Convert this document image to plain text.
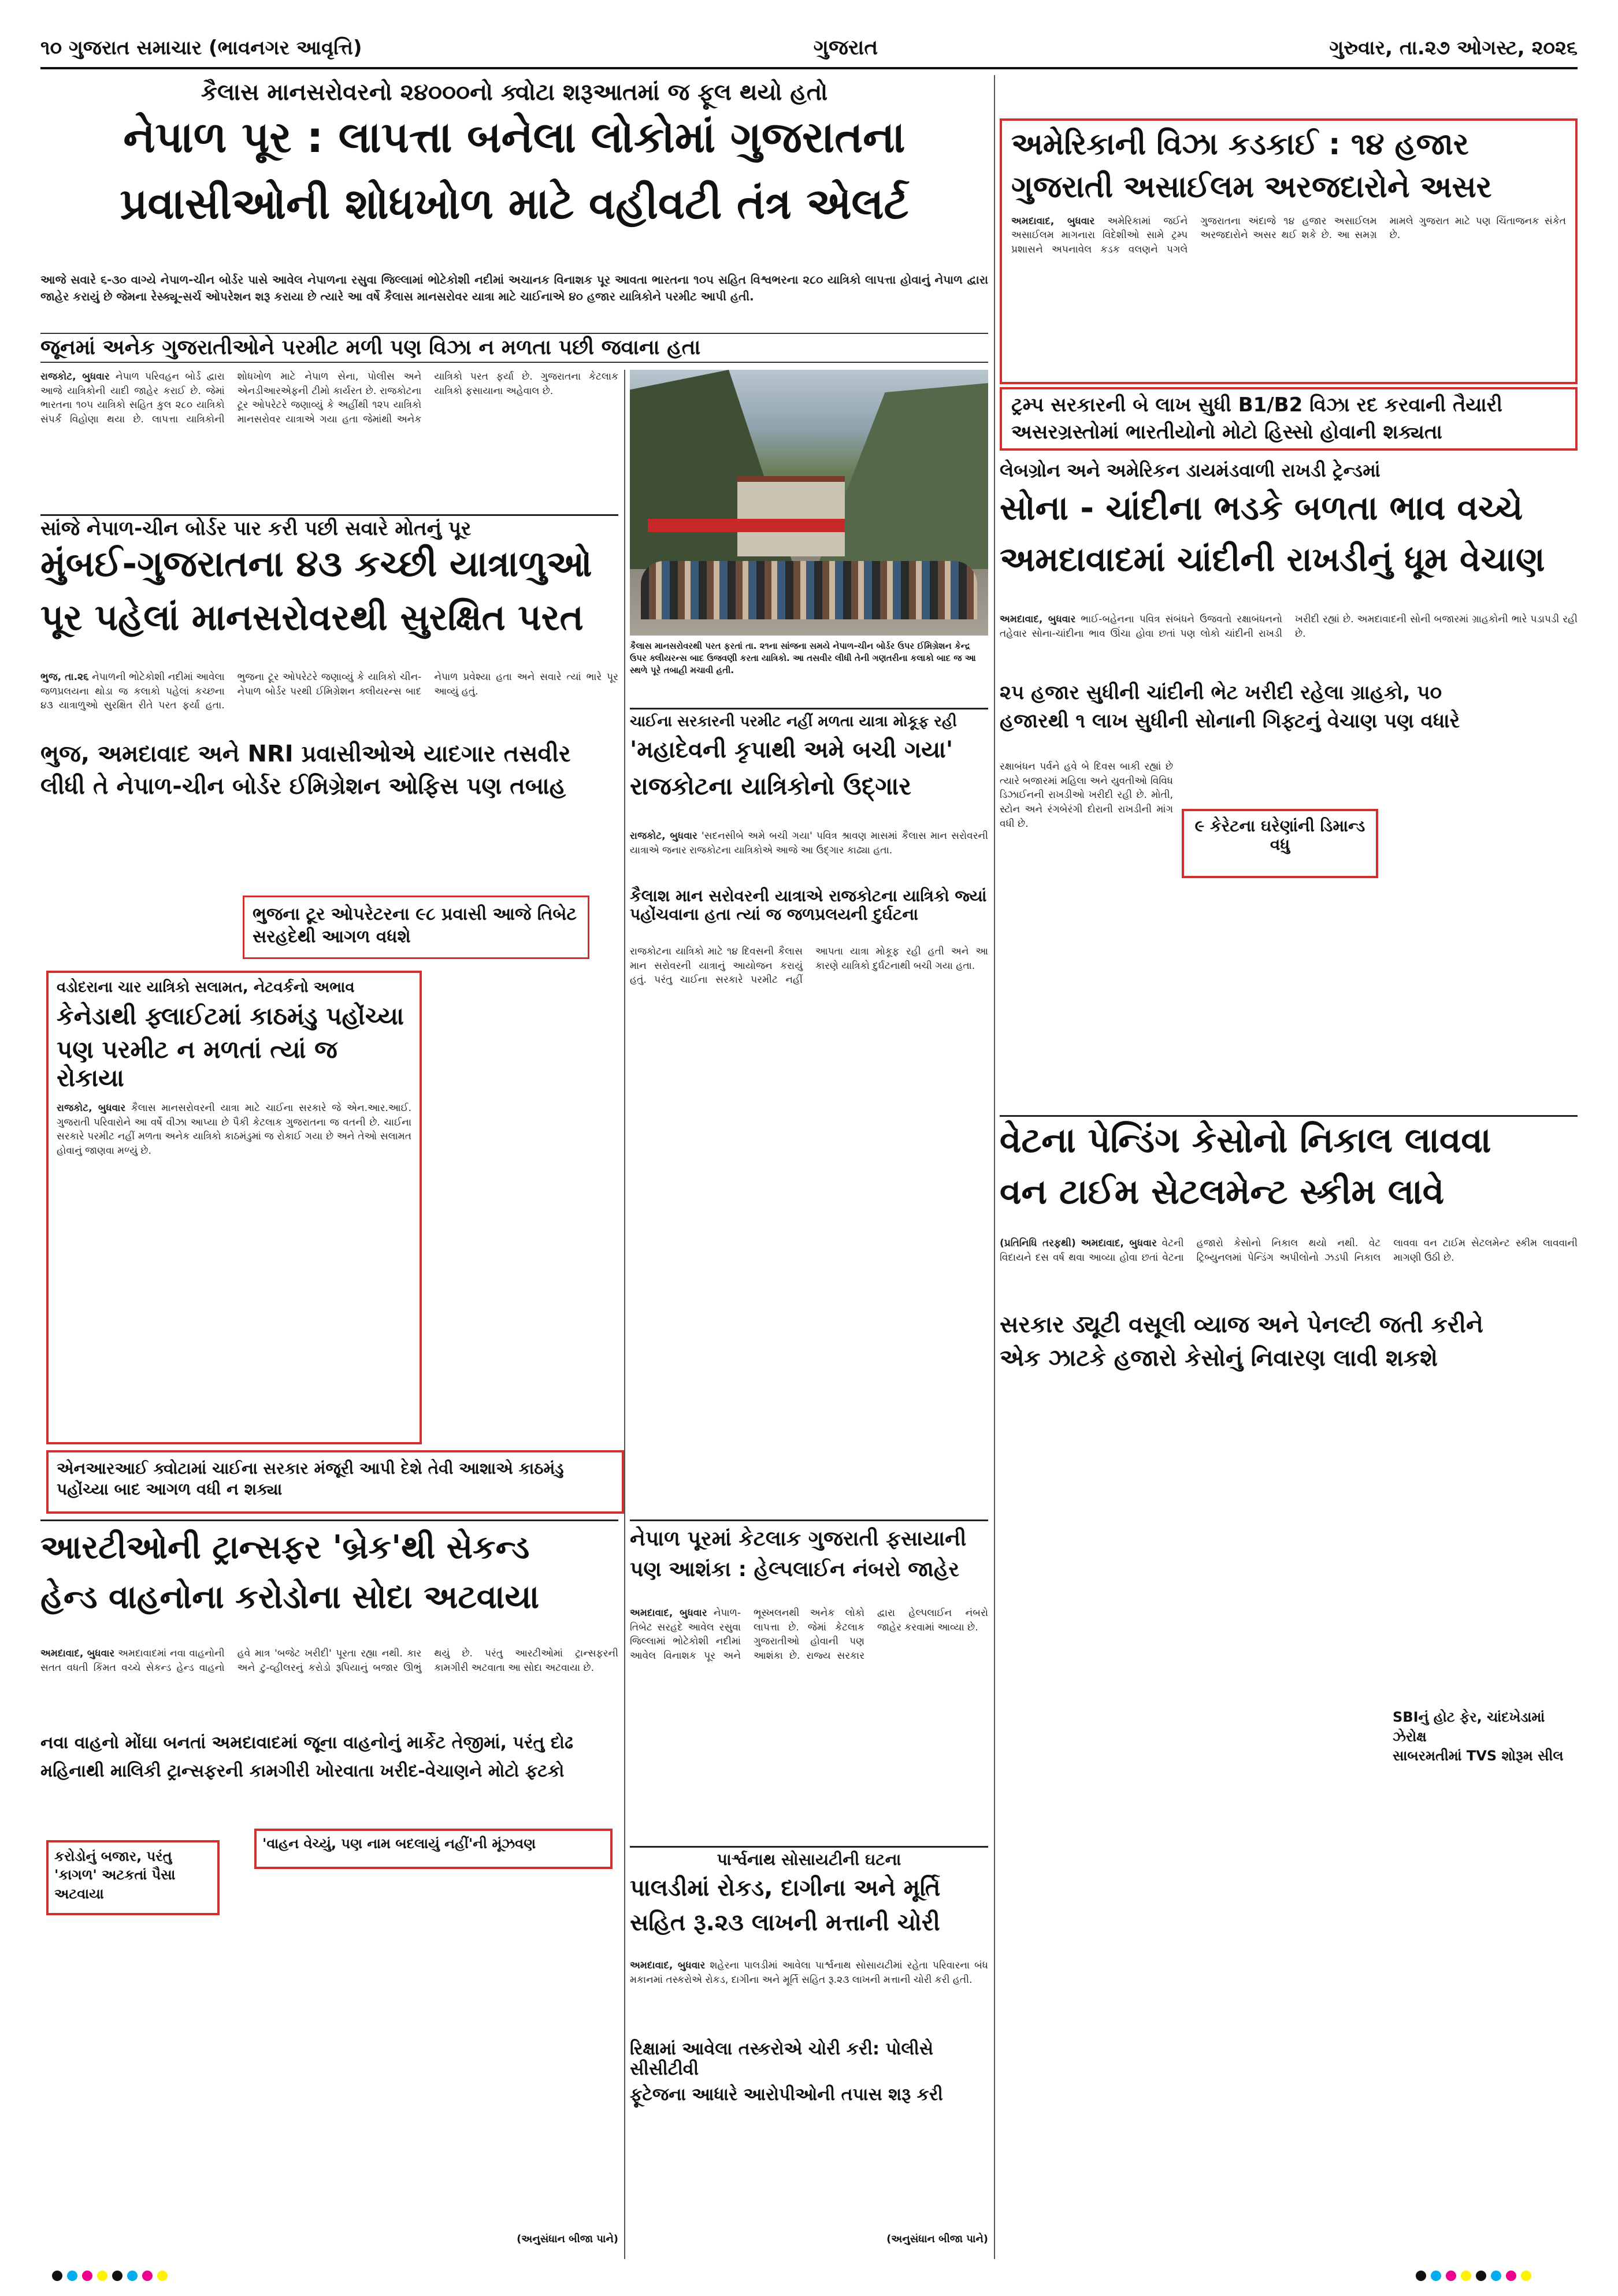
૧૦ ગુજરાત સમાચાર (ભાવનગર આવૃત્તિ)	ગુજરાત	ગુરુવાર, તા.૨૭ ઓગસ્ટ, ૨૦૨૬
કૈલાસ માનસરોવરનો ૨૪૦૦૦નો ક્વોટા શરૂઆતમાં જ ફૂલ થયો હતો
નેપાળ પૂર : લાપત્તા બનેલા લોકોમાં ગુજરાતના
પ્રવાસીઓની શોધખોળ માટે વહીવટી તંત્ર એલર્ટ
આજે સવારે ૬-૩૦ વાગ્યે નેપાળ-ચીન બોર્ડર પાસે આવેલ નેપાળના રસુવા જિલ્લામાં ભોટેકોશી નદીમાં અચાનક વિનાશક પૂર આવતા ભારતના ૧૦૫ સહિત વિશ્વભરના ૨૮૦ યાત્રિકો લાપત્તા હોવાનું નેપાળ દ્વારા જાહેર કરાયું છે જેમના રેસ્ક્યૂ-સર્ચ ઓપરેશન શરૂ કરાયા છે ત્યારે આ વર્ષે કૈલાસ માનસરોવર યાત્રા માટે ચાઈનાએ ૪૦ હજાર યાત્રિકોને પરમીટ આપી હતી.
જૂનમાં અનેક ગુજરાતીઓને પરમીટ મળી પણ વિઝા ન મળતા પછી જવાના હતા
રાજકોટ, બુધવાર નેપાળ પરિવહન બોર્ડ દ્વારા આજે યાત્રિકોની યાદી જાહેર કરાઈ છે. જેમાં ભારતના ૧૦૫ યાત્રિકો સહિત કુલ ૨૮૦ યાત્રિકો સંપર્ક વિહોણા થયા છે. લાપત્તા યાત્રિકોની શોધખોળ માટે નેપાળ સેના, પોલીસ અને એનડીઆરએફની ટીમો કાર્યરત છે. રાજકોટના ટૂર ઓપરેટરે જણાવ્યું કે અહીંથી ૧૨૫ યાત્રિકો માનસરોવર યાત્રાએ ગયા હતા જેમાંથી અનેક યાત્રિકો પરત ફર્યા છે. ગુજરાતના કેટલાક યાત્રિકો ફસાયાના અહેવાલ છે.
કૈલાસ માનસરોવરથી પરત ફરતાં તા. ૨૧ના સાંજના સમયે નેપાળ-ચીન બોર્ડર ઉપર ઈમિગ્રેશન કેન્દ્ર ઉપર ક્લીયરન્સ બાદ ઉજવણી કરતા યાત્રિકો. આ તસવીર લીધી તેની ગણતરીના કલાકો બાદ જ આ સ્થળે પૂરે તબાહી મચાવી હતી.
સાંજે નેપાળ-ચીન બોર્ડર પાર કરી પછી સવારે મોતનું પૂર
મુંબઈ-ગુજરાતના ૪૩ કચ્છી યાત્રાળુઓ
પૂર પહેલાં માનસરોવરથી સુરક્ષિત પરત
ભુજ, તા.૨૬ નેપાળની ભોટેકોશી નદીમાં આવેલા જળપ્રલયના થોડા જ કલાકો પહેલાં કચ્છના ૪૩ યાત્રાળુઓ સુરક્ષિત રીતે પરત ફર્યા હતા. ભુજના ટૂર ઓપરેટરે જણાવ્યું કે યાત્રિકો ચીન-નેપાળ બોર્ડર પરથી ઈમિગ્રેશન ક્લીયરન્સ બાદ નેપાળ પ્રવેશ્યા હતા અને સવારે ત્યાં ભારે પૂર આવ્યું હતું.
ભુજ, અમદાવાદ અને NRI પ્રવાસીઓએ યાદગાર તસવીર
લીધી તે નેપાળ-ચીન બોર્ડર ઈમિગ્રેશન ઓફિસ પણ તબાહ
ભુજના ટૂર ઓપરેટરના ૯૮ પ્રવાસી આજે તિબેટ સરહદેથી આગળ વધશે
વડોદરાના ચાર યાત્રિકો સલામત, નેટવર્કનો અભાવ
કેનેડાથી ફ્લાઈટમાં કાઠમંડુ પહોંચ્યા
પણ પરમીટ ન મળતાં ત્યાં જ રોકાયા
રાજકોટ, બુધવાર કૈલાસ માનસરોવરની યાત્રા માટે ચાઈના સરકારે જે એન.આર.આઈ. ગુજરાતી પરિવારોને આ વર્ષે વીઝા આપ્યા છે પૈકી કેટલાક ગુજરાતના જ વતની છે. ચાઈના સરકારે પરમીટ નહીં મળતા અનેક યાત્રિકો કાઠમંડુમાં જ રોકાઈ ગયા છે અને તેઓ સલામત હોવાનું જાણવા મળ્યું છે.
એનઆરઆઈ ક્વોટામાં ચાઈના સરકાર મંજૂરી આપી દેશે તેવી આશાએ કાઠમંડુ પહોંચ્યા બાદ આગળ વધી ન શક્યા
ચાઈના સરકારની પરમીટ નહીં મળતા યાત્રા મોકૂફ રહી
'મહાદેવની કૃપાથી અમે બચી ગયા'
રાજકોટના યાત્રિકોનો ઉદ્ગાર
રાજકોટ, બુધવાર 'સદનસીબે અમે બચી ગયા' પવિત્ર શ્રાવણ માસમાં કૈલાસ માન સરોવરની યાત્રાએ જનાર રાજકોટના યાત્રિકોએ આજે આ ઉદ્ગાર કાઢ્યા હતા.
કૈલાશ માન સરોવરની યાત્રાએ રાજકોટના યાત્રિકો જ્યાં પહોંચવાના હતા ત્યાં જ જળપ્રલયની દુર્ઘટના
રાજકોટના યાત્રિકો માટે ૧૪ દિવસની કૈલાસ માન સરોવરની યાત્રાનું આયોજન કરાયું હતું. પરંતુ ચાઈના સરકારે પરમીટ નહીં આપતા યાત્રા મોકૂફ રહી હતી અને આ કારણે યાત્રિકો દુર્ઘટનાથી બચી ગયા હતા.
અમેરિકાની વિઝા કડકાઈ : ૧૪ હજાર
ગુજરાતી અસાઈલમ અરજદારોને અસર
અમદાવાદ, બુધવાર અમેરિકામાં જઈને અસાઈલમ માગનારા વિદેશીઓ સામે ટ્રમ્પ પ્રશાસને અપનાવેલ કડક વલણને પગલે ગુજરાતના અંદાજે ૧૪ હજાર અસાઈલમ અરજદારોને અસર થઈ શકે છે. આ સમગ્ર મામલે ગુજરાત માટે પણ ચિંતાજનક સંકેત છે.
ટ્રમ્પ સરકારની બે લાખ સુધી B1/B2 વિઝા રદ કરવાની તૈયારી
અસરગ્રસ્તોમાં ભારતીયોનો મોટો હિસ્સો હોવાની શક્યતા
લેબગ્રોન અને અમેરિકન ડાયમંડવાળી રાખડી ટ્રેન્ડમાં
સોના - ચાંદીના ભડકે બળતા ભાવ વચ્ચે
અમદાવાદમાં ચાંદીની રાખડીનું ધૂમ વેચાણ
અમદાવાદ, બુધવાર ભાઈ-બહેનના પવિત્ર સંબંધને ઉજવતો રક્ષાબંધનનો તહેવાર સોના-ચાંદીના ભાવ ઊંચા હોવા છતાં પણ લોકો ચાંદીની રાખડી ખરીદી રહ્યાં છે. અમદાવાદની સોની બજારમાં ગ્રાહકોની ભારે પડાપડી રહી છે.
૨૫ હજાર સુધીની ચાંદીની ભેટ ખરીદી રહેલા ગ્રાહકો, ૫૦
હજારથી ૧ લાખ સુધીની સોનાની ગિફ્ટનું વેચાણ પણ વધારે
રક્ષાબંધન પર્વને હવે બે દિવસ બાકી રહ્યાં છે ત્યારે બજારમાં મહિલા અને યુવતીઓ વિવિધ ડિઝાઈનની રાખડીઓ ખરીદી રહી છે. મોતી, સ્ટોન અને રંગબેરંગી દોરાની રાખડીની માંગ વધી છે.	૯ કેરેટના ઘરેણાંની ડિમાન્ડ વધુ
વેટના પેન્ડિંગ કેસોનો નિકાલ લાવવા
વન ટાઈમ સેટલમેન્ટ સ્કીમ લાવે
(પ્રતિનિધિ તરફથી) અમદાવાદ, બુધવાર વેટની વિદાયને દસ વર્ષ થવા આવ્યા હોવા છતાં વેટના હજારો કેસોનો નિકાલ થયો નથી. વેટ ટ્રિબ્યુનલમાં પેન્ડિંગ અપીલોનો ઝડપી નિકાલ લાવવા વન ટાઈમ સેટલમેન્ટ સ્કીમ લાવવાની માગણી ઉઠી છે.
સરકાર ડ્યૂટી વસૂલી વ્યાજ અને પેનલ્ટી જતી કરીને
એક ઝાટકે હજારો કેસોનું નિવારણ લાવી શકશે
SBIનું હોટ ફેર, ચાંદખેડામાં ઝેરોક્ષ
સાબરમતીમાં TVS શોરૂમ સીલ
નેપાળ પૂરમાં કેટલાક ગુજરાતી ફસાયાની
પણ આશંકા : હેલ્પલાઈન નંબરો જાહેર
અમદાવાદ, બુધવાર નેપાળ-તિબેટ સરહદે આવેલ રસુવા જિલ્લામાં ભોટેકોશી નદીમાં આવેલ વિનાશક પૂર અને ભૂસ્ખલનથી અનેક લોકો લાપત્તા છે. જેમાં કેટલાક ગુજરાતીઓ હોવાની પણ આશંકા છે. રાજ્ય સરકાર દ્વારા હેલ્પલાઈન નંબરો જાહેર કરવામાં આવ્યા છે.
પાર્શ્વનાથ સોસાયટીની ઘટના
પાલડીમાં રોકડ, દાગીના અને મૂર્તિ
સહિત રૂ.૨૩ લાખની મત્તાની ચોરી
અમદાવાદ, બુધવાર શહેરના પાલડીમાં આવેલા પાર્શ્વનાથ સોસાયટીમાં રહેતા પરિવારના બંધ મકાનમાં તસ્કરોએ રોકડ, દાગીના અને મૂર્તિ સહિત રૂ.૨૩ લાખની મત્તાની ચોરી કરી હતી.
રિક્ષામાં આવેલા તસ્કરોએ ચોરી કરી: પોલીસે સીસીટીવી
ફૂટેજના આધારે આરોપીઓની તપાસ શરૂ કરી
(અનુસંધાન બીજા પાને)
આરટીઓની ટ્રાન્સફર 'બ્રેક'થી સેકન્ડ
હેન્ડ વાહનોના કરોડોના સોદા અટવાયા
અમદાવાદ, બુધવાર અમદાવાદમાં નવા વાહનોની સતત વધતી કિંમત વચ્ચે સેકન્ડ હેન્ડ વાહનો હવે માત્ર 'બજેટ ખરીદી' પૂરતા રહ્યા નથી. કાર અને ટુ-વ્હીલરનું કરોડો રૂપિયાનું બજાર ઊભું થયું છે. પરંતુ આરટીઓમાં ટ્રાન્સફરની કામગીરી અટવાતા આ સોદા અટવાયા છે.
નવા વાહનો મોંઘા બનતાં અમદાવાદમાં જૂના વાહનોનું માર્કેટ તેજીમાં, પરંતુ દોઢ
મહિનાથી માલિકી ટ્રાન્સફરની કામગીરી ખોરવાતા ખરીદ-વેચાણને મોટો ફટકો
કરોડોનું બજાર, પરંતુ 'કાગળ' અટકતાં પૈસા અટવાયા
'વાહન વેચ્યું, પણ નામ બદલાયું નહીં'ની મૂંઝવણ
(અનુસંધાન બીજા પાને)
